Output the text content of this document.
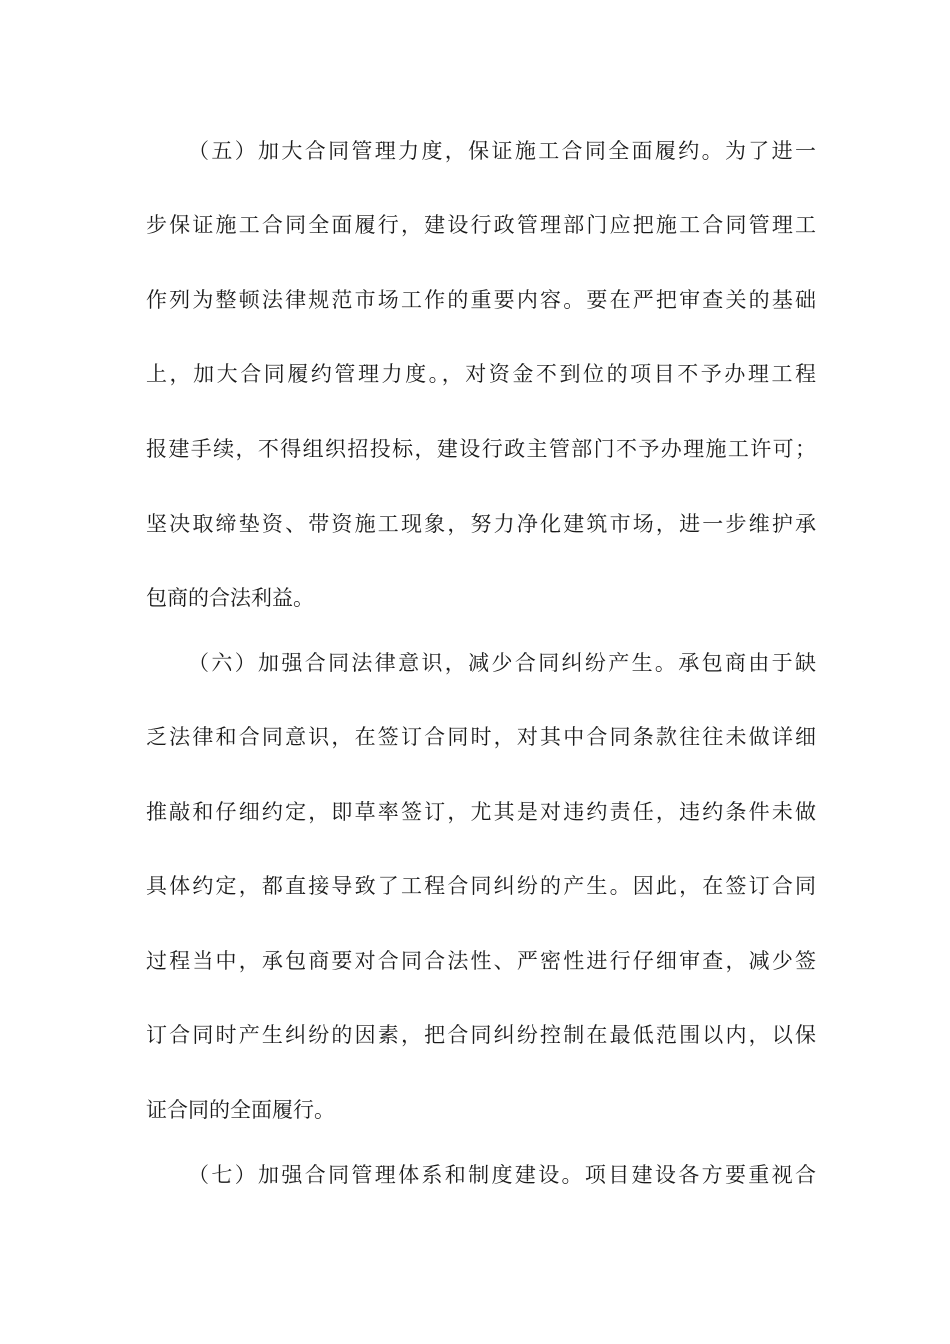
（五）加大合同管理力度，保证施工合同全面履约。为了进一
步保证施工合同全面履行，建设行政管理部门应把施工合同管理工
作列为整顿法律规范市场工作的重要内容。要在严把审查关的基础
上，加大合同履约管理力度。，对资金不到位的项目不予办理工程
报建手续，不得组织招投标，建设行政主管部门不予办理施工许可；
坚决取缔垫资、带资施工现象，努力净化建筑市场，进一步维护承
包商的合法利益。
（六）加强合同法律意识，减少合同纠纷产生。承包商由于缺
乏法律和合同意识，在签订合同时，对其中合同条款往往未做详细
推敲和仔细约定，即草率签订，尤其是对违约责任，违约条件未做
具体约定，都直接导致了工程合同纠纷的产生。因此，在签订合同
过程当中，承包商要对合同合法性、严密性进行仔细审查，减少签
订合同时产生纠纷的因素，把合同纠纷控制在最低范围以内，以保
证合同的全面履行。
（七）加强合同管理体系和制度建设。项目建设各方要重视合
